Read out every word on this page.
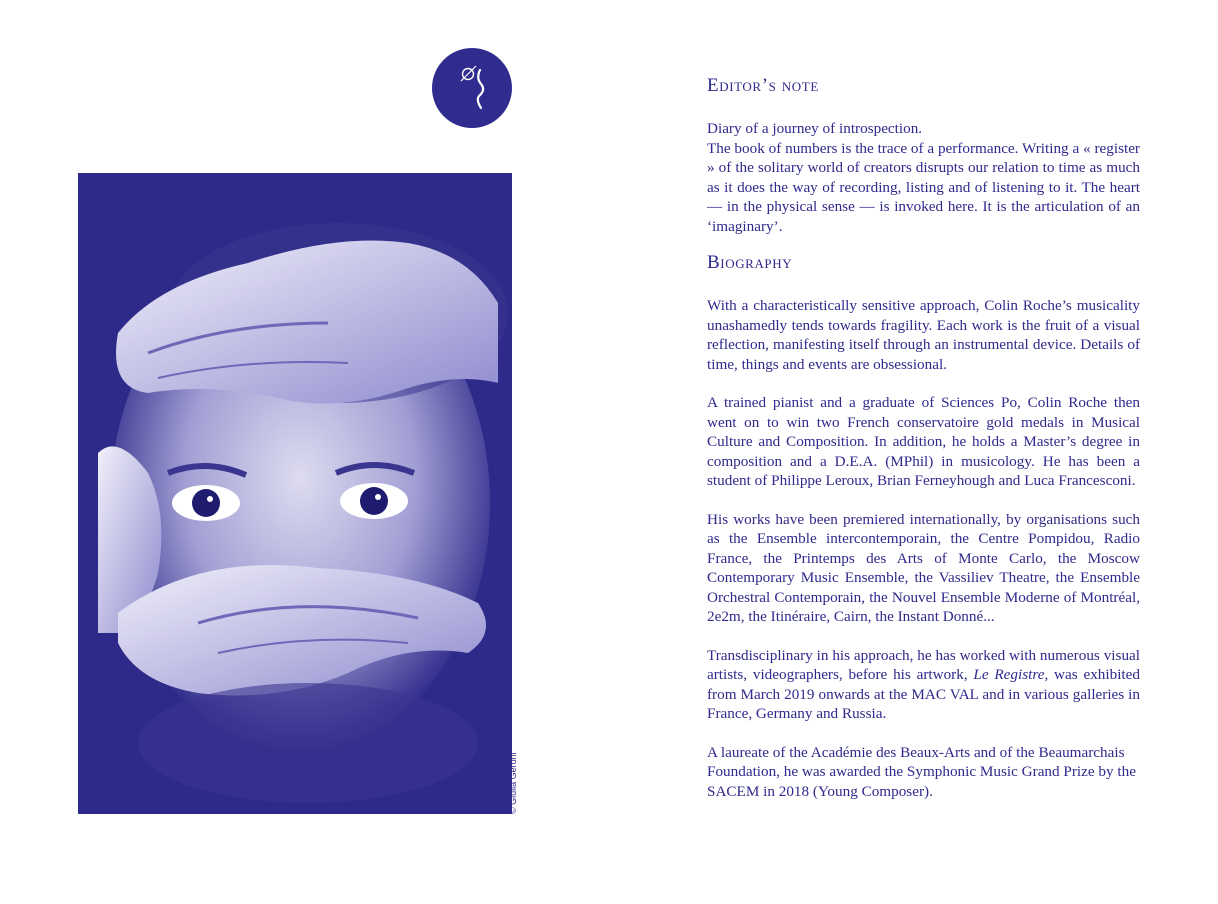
© Giulia Geroni
Editor’s note

Diary of a journey of introspection.

The book of numbers is the trace of a performance. Writing a « register » of the solitary world of creators disrupts our relation to time as much as it does the way of recording, listing and of listening to it. The heart — in the physical sense — is invoked here. It is the articulation of an ‘imaginary’.

Biography

With a characteristically sensitive approach, Colin Roche’s musicality unashamedly tends towards fragility. Each work is the fruit of a visual reflection, manifesting itself through an instrumental device. Details of time, things and events are obsessional.

A trained pianist and a graduate of Sciences Po, Colin Roche then went on to win two French conservatoire gold medals in Musical Culture and Composition. In addition, he holds a Master’s degree in composition and a D.E.A. (MPhil) in musicology. He has been a student of Philippe Leroux, Brian Ferneyhough and Luca Francesconi.

His works have been premiered internationally, by organisations such as the Ensemble intercontemporain, the Centre Pompidou, Radio France, the Printemps des Arts of Monte Carlo, the Moscow Contemporary Music Ensemble, the Vassiliev Theatre, the Ensemble Orchestral Contemporain, the Nouvel Ensemble Moderne of Montréal, 2e2m, the Itinéraire, Cairn, the Instant Donné...

Transdisciplinary in his approach, he has worked with numerous visual artists, videographers, before his artwork, Le Registre, was exhibited from March 2019 onwards at the MAC VAL and in various galleries in France, Germany and Russia.

A laureate of the Académie des Beaux-Arts and of the Beaumarchais Foundation, he was awarded the Symphonic Music Grand Prize by the SACEM in 2018 (Young Composer).
